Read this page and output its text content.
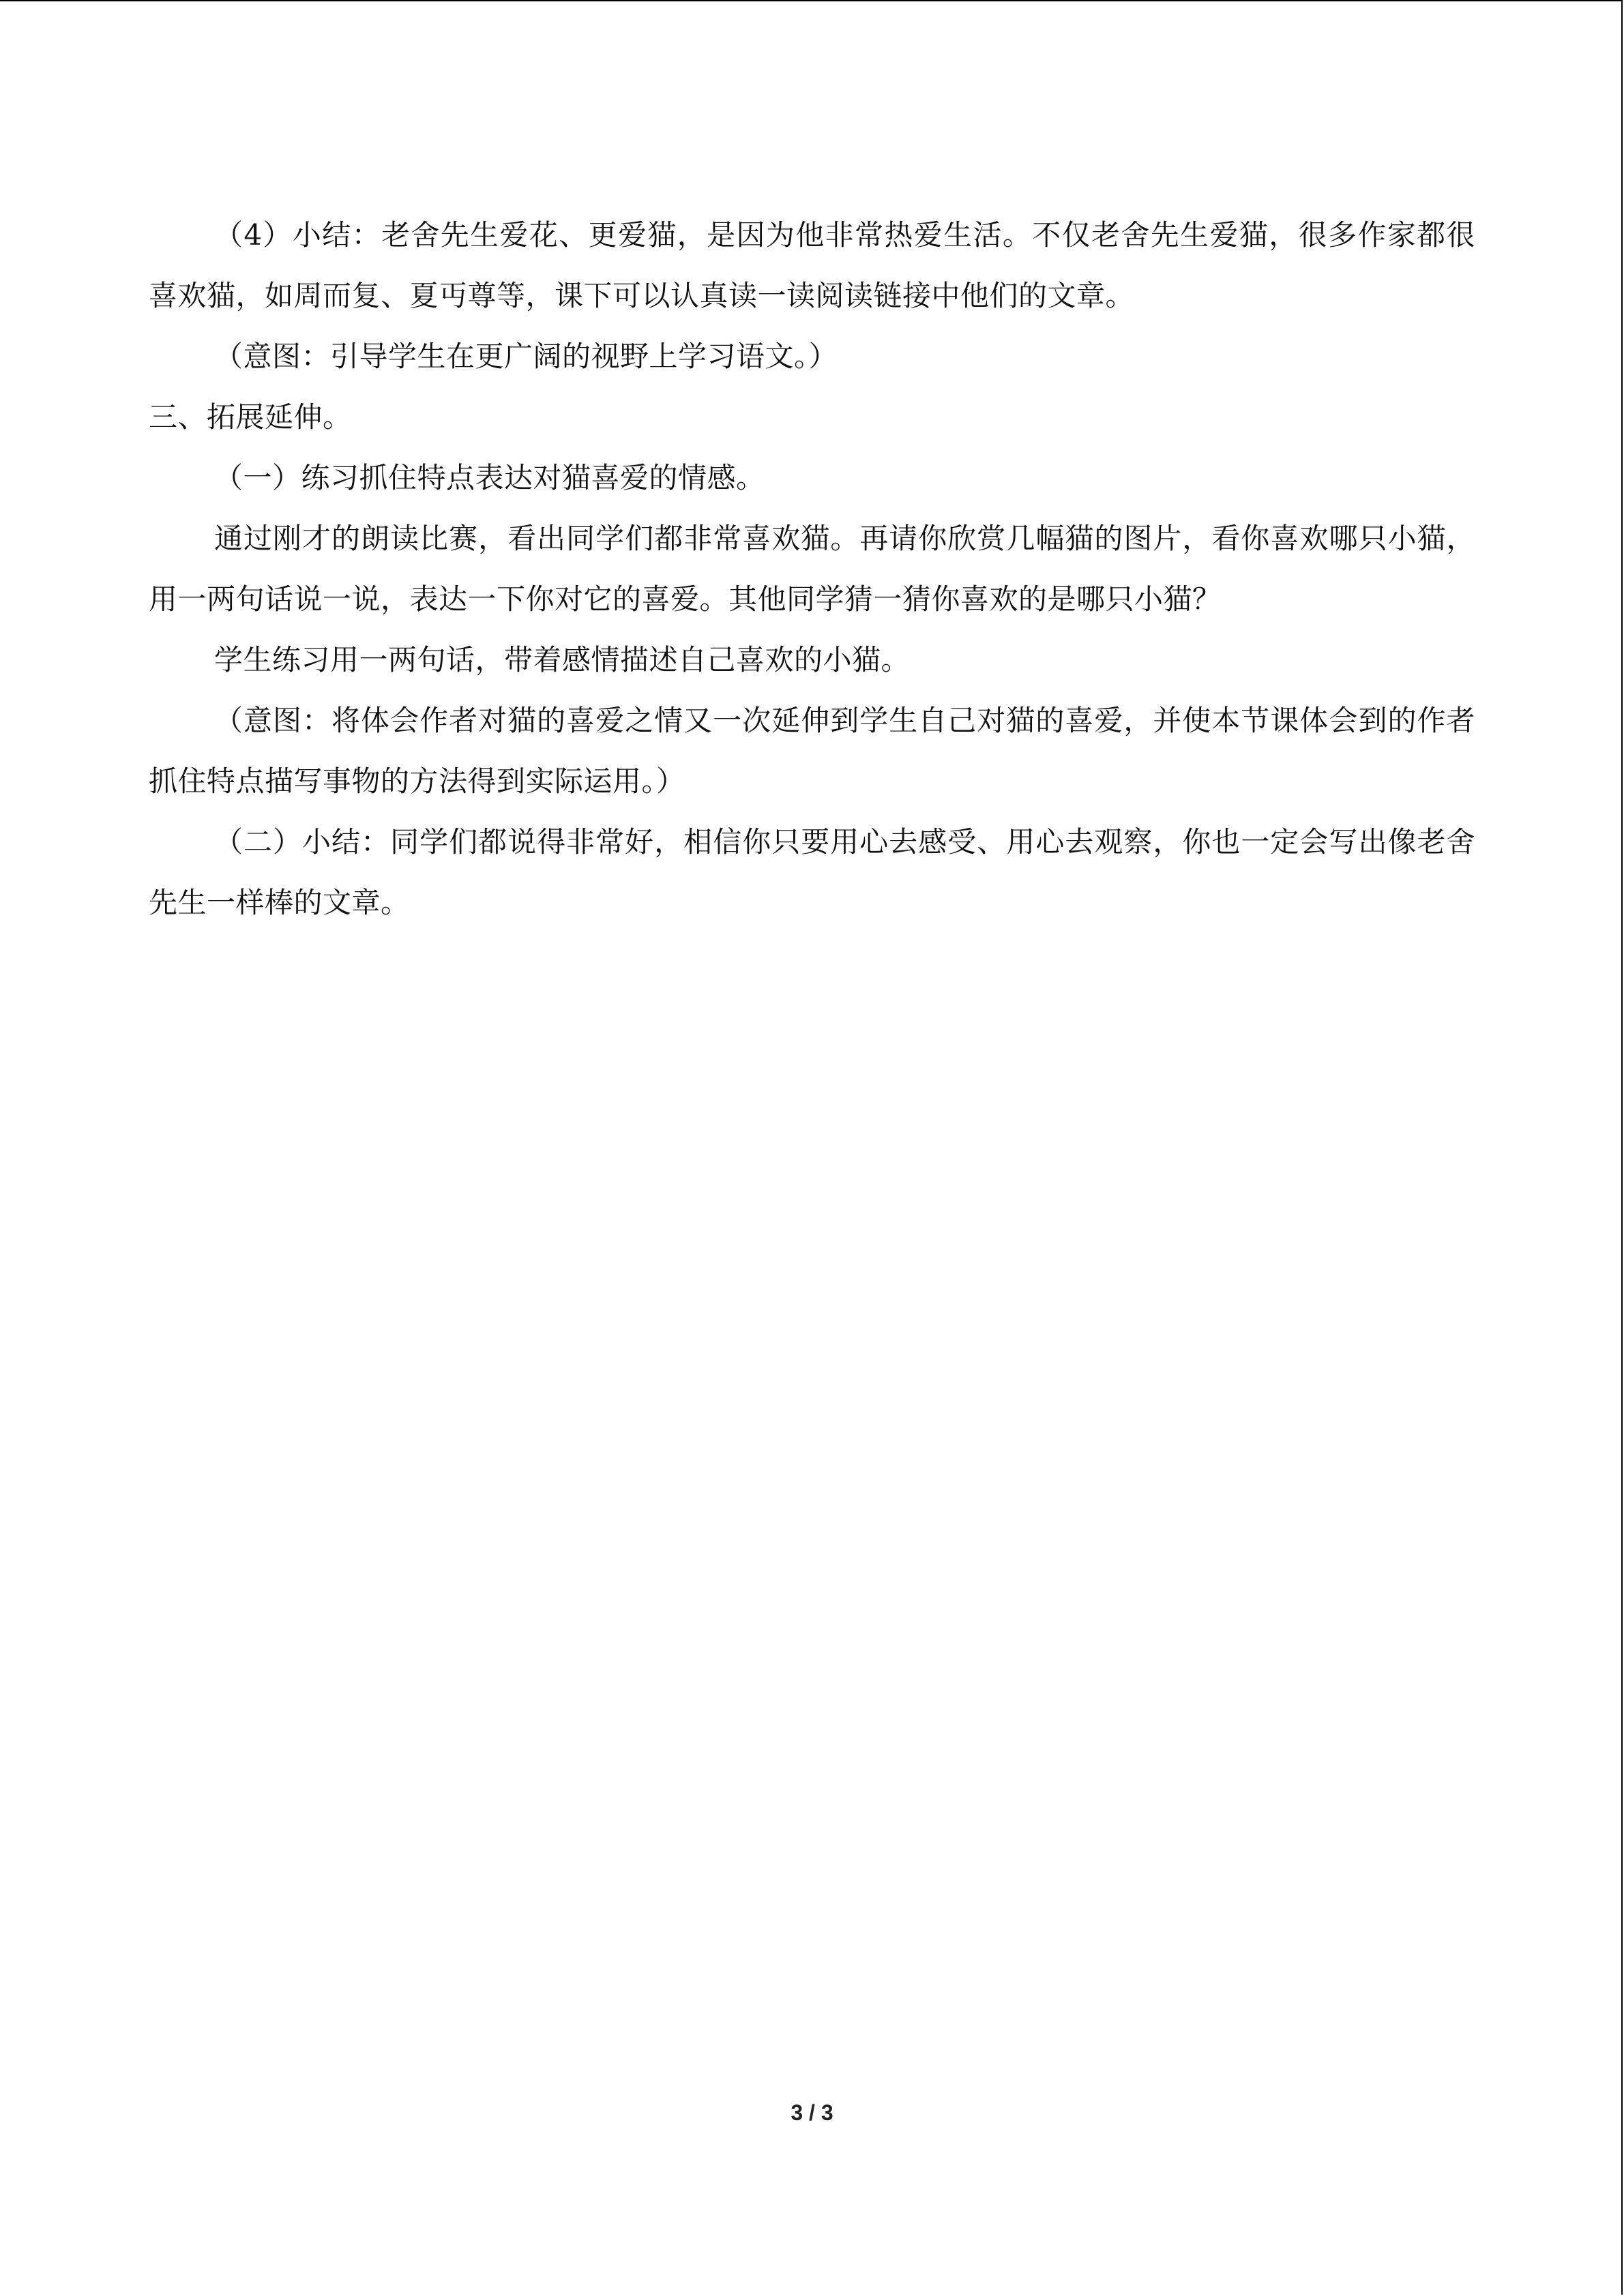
（4）小结：老舍先生爱花、更爱猫，是因为他非常热爱生活。不仅老舍先生爱猫，很多作家都很喜欢猫，如周而复、夏丏尊等，课下可以认真读一读阅读链接中他们的文章。

（意图：引导学生在更广阔的视野上学习语文。）

三、拓展延伸。

（一）练习抓住特点表达对猫喜爱的情感。

通过刚才的朗读比赛，看出同学们都非常喜欢猫。再请你欣赏几幅猫的图片，看你喜欢哪只小猫，用一两句话说一说，表达一下你对它的喜爱。其他同学猜一猜你喜欢的是哪只小猫？

学生练习用一两句话，带着感情描述自己喜欢的小猫。

（意图：将体会作者对猫的喜爱之情又一次延伸到学生自己对猫的喜爱，并使本节课体会到的作者抓住特点描写事物的方法得到实际运用。）

（二）小结：同学们都说得非常好，相信你只要用心去感受、用心去观察，你也一定会写出像老舍先生一样棒的文章。

3 / 3
